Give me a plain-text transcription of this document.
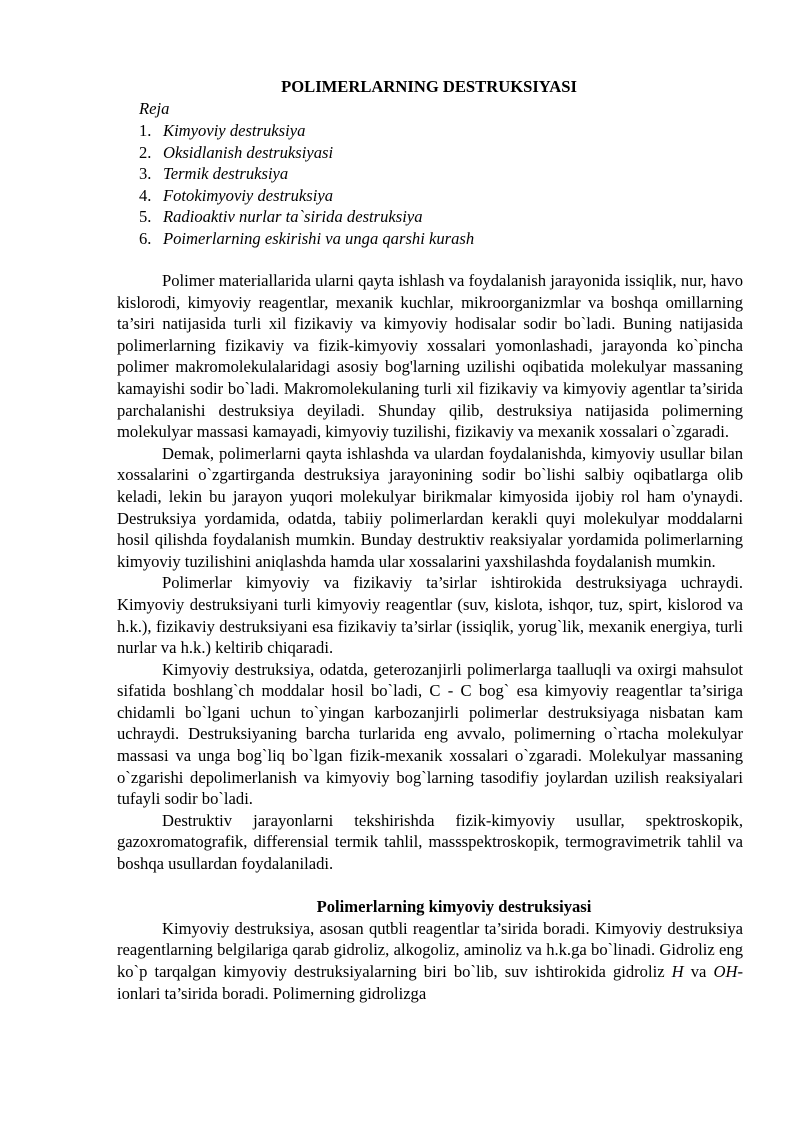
POLIMERLARNING DESTRUKSIYASI
Reja
1. Kimyoviy destruksiya
2. Oksidlanish destruksiyasi
3. Termik destruksiya
4. Fotokimyoviy destruksiya
5. Radioaktiv nurlar ta`sirida destruksiya
6. Poimerlarning eskirishi va unga qarshi kurash

Polimer materiallarida ularni qayta ishlash va foydalanish jarayonida issiqlik, nur, havo kislorodi, kimyoviy reagentlar, mexanik kuchlar, mikroorganizmlar va boshqa omillarning ta’siri natijasida turli xil fizikaviy va kimyoviy hodisalar sodir bo`ladi. Buning natijasida polimerlarning fizikaviy va fizik-kimyoviy xossalari yomonlashadi, jarayonda ko`pincha polimer makromolekulalaridagi asosiy bog'larning uzilishi oqibatida molekulyar massaning kamayishi sodir bo`ladi. Makromolekulaning turli xil fizikaviy va kimyoviy agentlar ta’sirida parchalanishi destruksiya deyiladi. Shunday qilib, destruksiya natijasida polimerning molekulyar massasi kamayadi, kimyoviy tuzilishi, fizikaviy va mexanik xossalari o`zgaradi.

Demak, polimerlarni qayta ishlashda va ulardan foydalanishda, kimyoviy usullar bilan xossalarini o`zgartirganda destruksiya jarayonining sodir bo`lishi salbiy oqibatlarga olib keladi, lekin bu jarayon yuqori molekulyar birikmalar kimyosida ijobiy rol ham o'ynaydi. Destruksiya yordamida, odatda, tabiiy polimerlardan kerakli quyi molekulyar moddalarni hosil qilishda foydalanish mumkin. Bunday destruktiv reaksiyalar yordamida polimerlarning kimyoviy tuzilishini aniqlashda hamda ular xossalarini yaxshilashda foydalanish mumkin.

Polimerlar kimyoviy va fizikaviy ta’sirlar ishtirokida destruksiyaga uchraydi. Kimyoviy destruksiyani turli kimyoviy reagentlar (suv, kislota, ishqor, tuz, spirt, kislorod va h.k.), fizikaviy destruksiyani esa fizikaviy ta’sirlar (issiqlik, yorug`lik, mexanik energiya, turli nurlar va h.k.) keltirib chiqaradi.

Kimyoviy destruksiya, odatda, geterozanjirli polimerlarga taalluqli va oxirgi mahsulot sifatida boshlang`ch moddalar hosil bo`ladi, C - C bog` esa kimyoviy reagentlar ta’siriga chidamli bo`lgani uchun to`yingan karbozanjirli polimerlar destruksiyaga nisbatan kam uchraydi. Destruksiyaning barcha turlarida eng avvalo, polimerning o`rtacha molekulyar massasi va unga bog`liq bo`lgan fizik-mexanik xossalari o`zgaradi. Molekulyar massaning o`zgarishi depolimerlanish va kimyoviy bog`larning tasodifiy joylardan uzilish reaksiyalari tufayli sodir bo`ladi.

Destruktiv jarayonlarni tekshirishda fizik-kimyoviy usullar, spektroskopik, gazoxromatografik, differensial termik tahlil, massspektroskopik, termogravimetrik tahlil va boshqa usullardan foydalaniladi.

Polimerlarning kimyoviy destruksiyasi

Kimyoviy destruksiya, asosan qutbli reagentlar ta’sirida boradi. Kimyoviy destruksiya reagentlarning belgilariga qarab gidroliz, alkogoliz, aminoliz va h.k.ga bo`linadi. Gidroliz eng ko`p tarqalgan kimyoviy destruksiyalarning biri bo`lib, suv ishtirokida gidroliz H va OH- ionlari ta’sirida boradi. Polimerning gidrolizga
